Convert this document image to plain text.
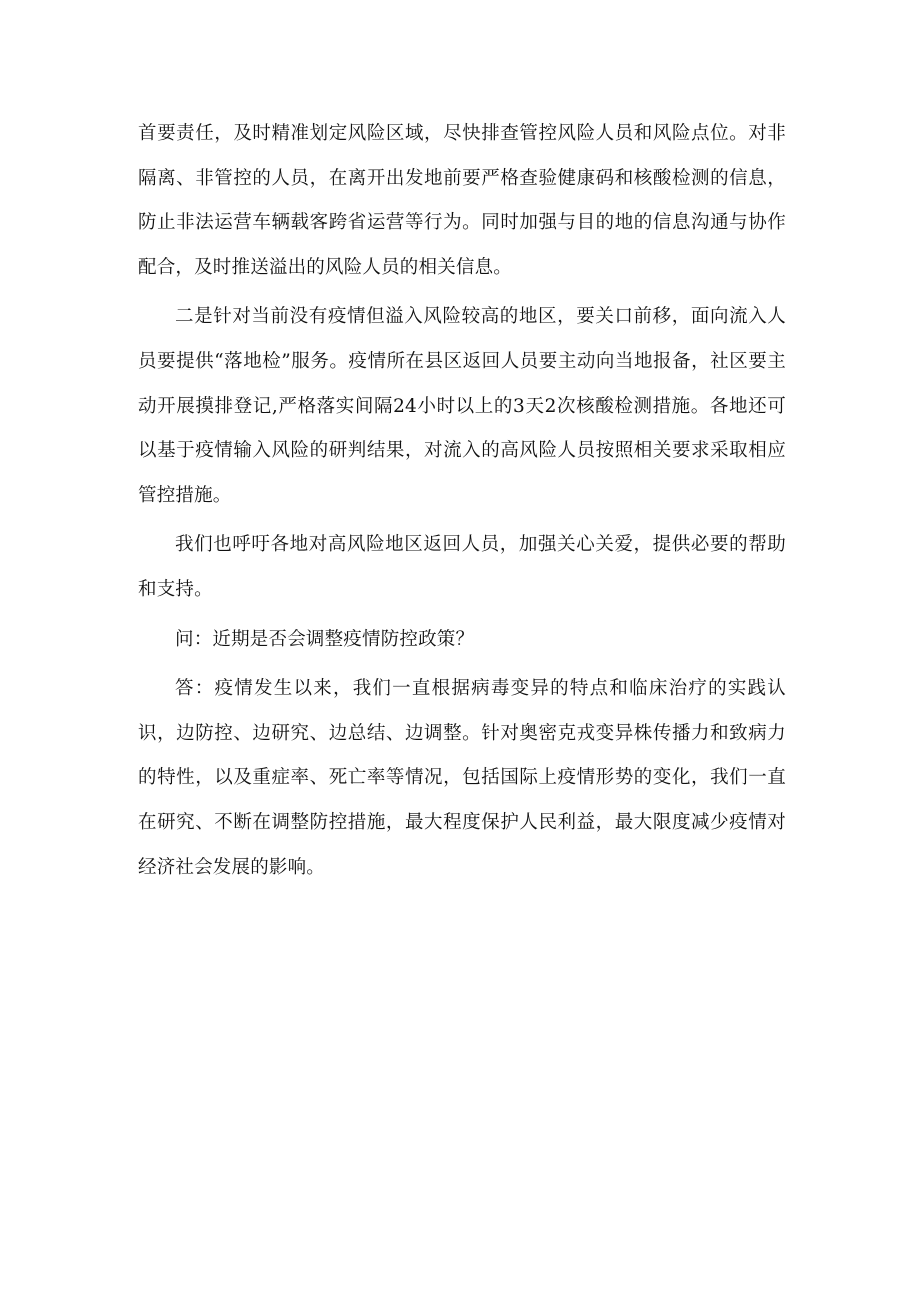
首要责任，及时精准划定风险区域，尽快排查管控风险人员和风险点位。对非隔离、非管控的人员，在离开出发地前要严格查验健康码和核酸检测的信息，防止非法运营车辆载客跨省运营等行为。同时加强与目的地的信息沟通与协作配合，及时推送溢出的风险人员的相关信息。

二是针对当前没有疫情但溢入风险较高的地区，要关口前移，面向流入人员要提供“落地检”服务。疫情所在县区返回人员要主动向当地报备，社区要主动开展摸排登记,严格落实间隔24小时以上的3天2次核酸检测措施。各地还可以基于疫情输入风险的研判结果，对流入的高风险人员按照相关要求采取相应管控措施。

我们也呼吁各地对高风险地区返回人员，加强关心关爱，提供必要的帮助和支持。

问：近期是否会调整疫情防控政策？

答：疫情发生以来，我们一直根据病毒变异的特点和临床治疗的实践认识，边防控、边研究、边总结、边调整。针对奥密克戎变异株传播力和致病力的特性，以及重症率、死亡率等情况，包括国际上疫情形势的变化，我们一直在研究、不断在调整防控措施，最大程度保护人民利益，最大限度减少疫情对经济社会发展的影响。
